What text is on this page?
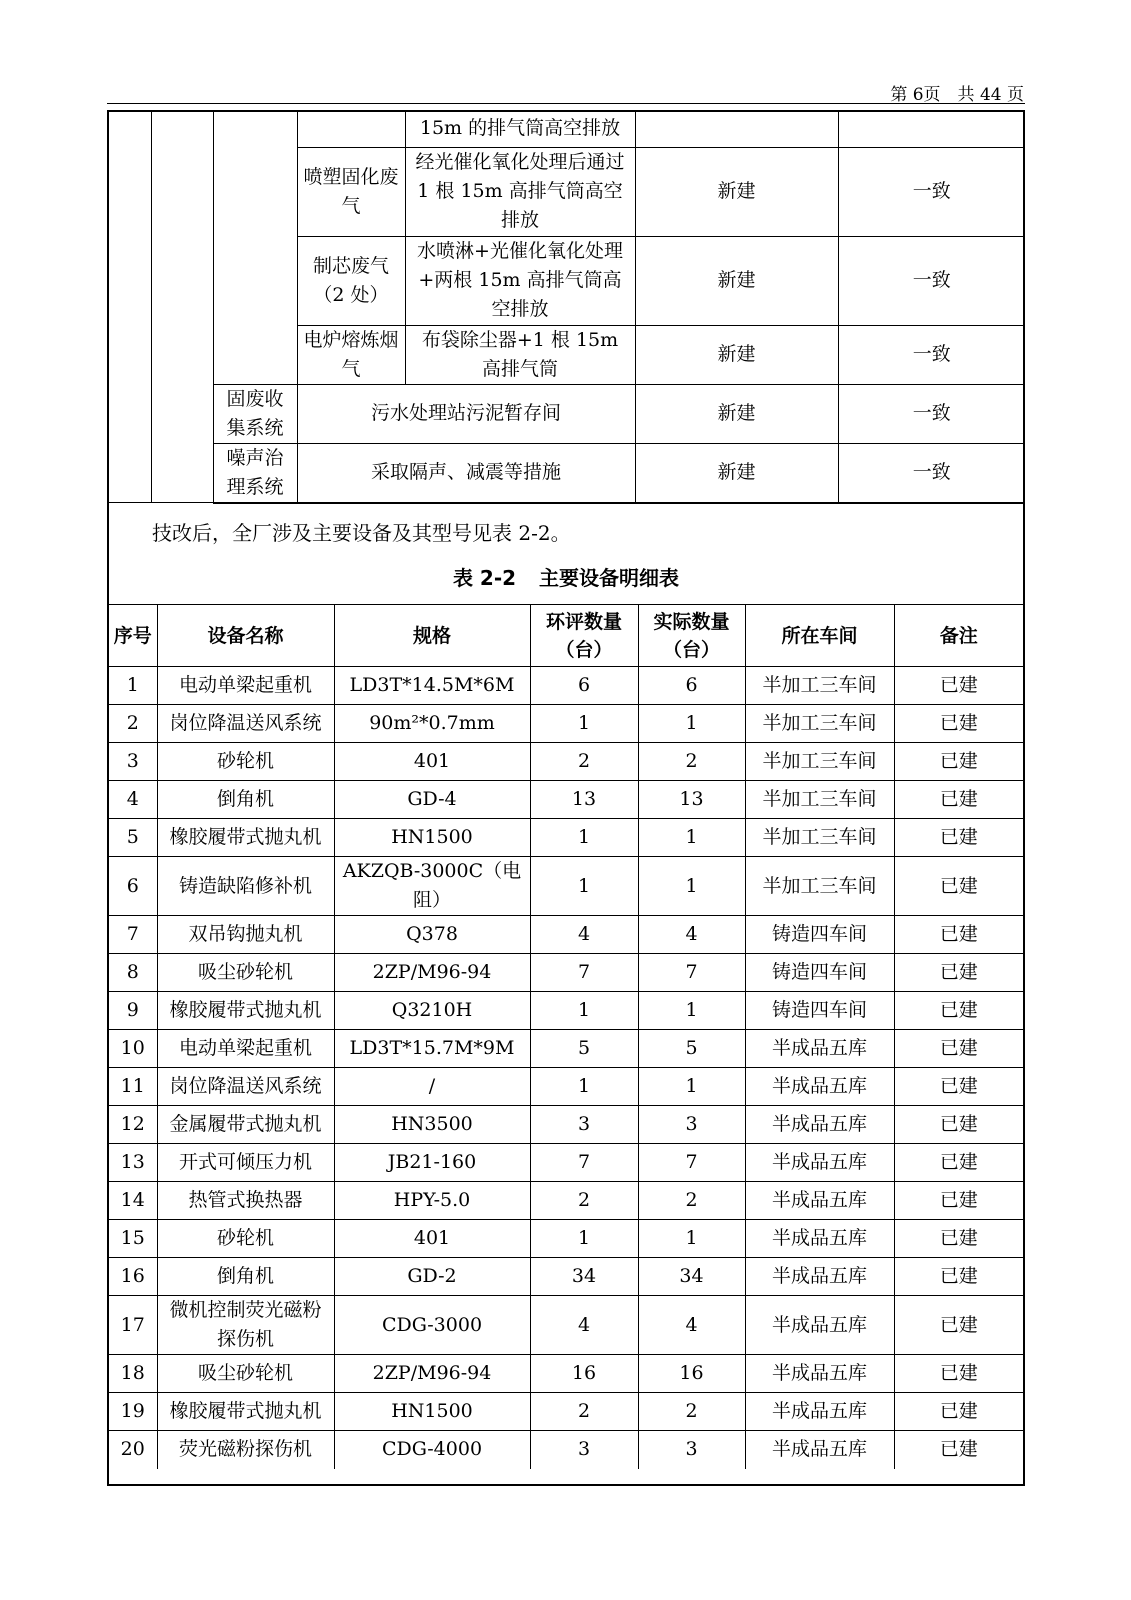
第 6页　共 44 页
				15m 的排气筒高空排放		
			喷塑固化废气	经光催化氧化处理后通过 1 根 15m 高排气筒高空排放	新建	一致
			制芯废气（2 处）	水喷淋+光催化氧化处理+两根 15m 高排气筒高空排放	新建	一致
			电炉熔炼烟气	布袋除尘器+1 根 15m 高排气筒	新建	一致
		固废收集系统	污水处理站污泥暂存间		新建	一致
		噪声治理系统	采取隔声、减震等措施		新建	一致
技改后，全厂涉及主要设备及其型号见表 2-2。
表 2-2 主要设备明细表
序号	设备名称	规格	环评数量（台）	实际数量（台）	所在车间	备注
1	电动单梁起重机	LD3T*14.5M*6M	6	6	半加工三车间	已建
2	岗位降温送风系统	90m²*0.7mm	1	1	半加工三车间	已建
3	砂轮机	401	2	2	半加工三车间	已建
4	倒角机	GD-4	13	13	半加工三车间	已建
5	橡胶履带式抛丸机	HN1500	1	1	半加工三车间	已建
6	铸造缺陷修补机	AKZQB-3000C（电阻）	1	1	半加工三车间	已建
7	双吊钩抛丸机	Q378	4	4	铸造四车间	已建
8	吸尘砂轮机	2ZP/M96-94	7	7	铸造四车间	已建
9	橡胶履带式抛丸机	Q3210H	1	1	铸造四车间	已建
10	电动单梁起重机	LD3T*15.7M*9M	5	5	半成品五库	已建
11	岗位降温送风系统	/	1	1	半成品五库	已建
12	金属履带式抛丸机	HN3500	3	3	半成品五库	已建
13	开式可倾压力机	JB21-160	7	7	半成品五库	已建
14	热管式换热器	HPY-5.0	2	2	半成品五库	已建
15	砂轮机	401	1	1	半成品五库	已建
16	倒角机	GD-2	34	34	半成品五库	已建
17	微机控制荧光磁粉探伤机	CDG-3000	4	4	半成品五库	已建
18	吸尘砂轮机	2ZP/M96-94	16	16	半成品五库	已建
19	橡胶履带式抛丸机	HN1500	2	2	半成品五库	已建
20	荧光磁粉探伤机	CDG-4000	3	3	半成品五库	已建
